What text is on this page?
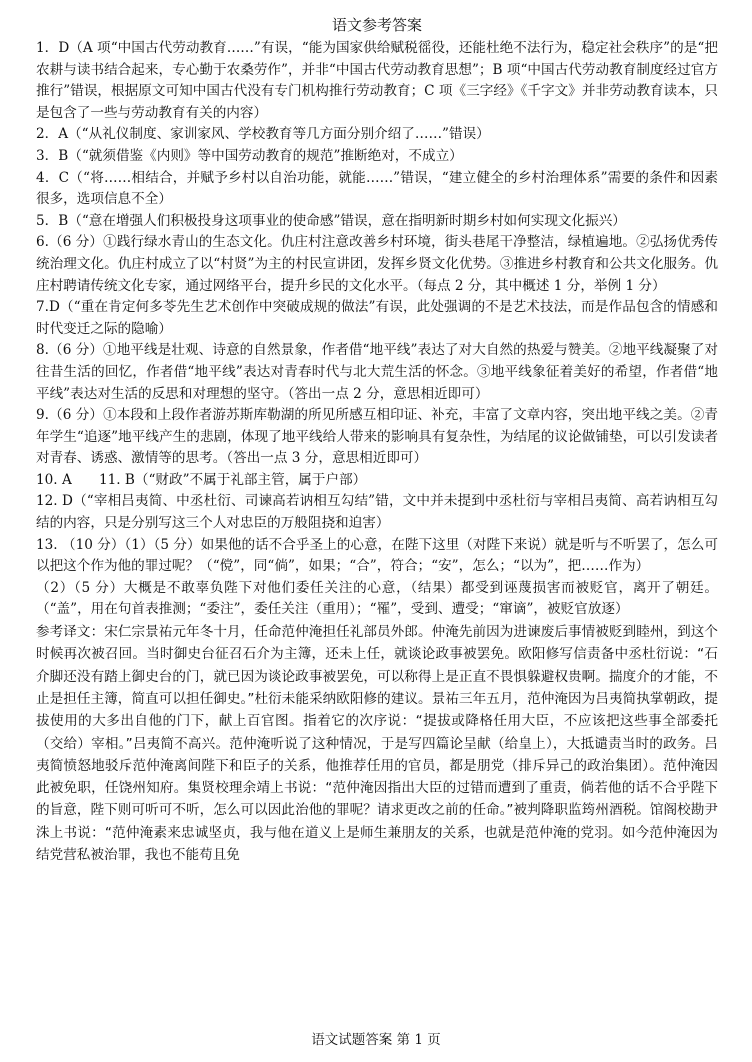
语文参考答案

1．D（A 项“中国古代劳动教育……”有误，“能为国家供给赋税徭役，还能杜绝不法行为，稳定社会秩序”的是“把农耕与读书结合起来，专心勤于农桑劳作”，并非“中国古代劳动教育思想”；B 项“中国古代劳动教育制度经过官方推行”错误，根据原文可知中国古代没有专门机构推行劳动教育；C 项《三字经》《千字文》并非劳动教育读本，只是包含了一些与劳动教育有关的内容）

2．A（“从礼仪制度、家训家风、学校教育等几方面分别介绍了……”错误）

3．B（“就须借鉴《内则》等中国劳动教育的规范”推断绝对，不成立）

4．C（“将……相结合，并赋予乡村以自治功能，就能……”错误，“建立健全的乡村治理体系”需要的条件和因素很多，选项信息不全）

5．B（“意在增强人们积极投身这项事业的使命感”错误，意在指明新时期乡村如何实现文化振兴）

6.（6 分）①践行绿水青山的生态文化。仇庄村注意改善乡村环境，街头巷尾干净整洁，绿植遍地。②弘扬优秀传统治理文化。仇庄村成立了以“村贤”为主的村民宣讲团，发挥乡贤文化优势。③推进乡村教育和公共文化服务。仇庄村聘请传统文化专家，通过网络平台，提升乡民的文化水平。（每点 2 分，其中概述 1 分，举例 1 分）

7.D（“重在肯定何多苓先生艺术创作中突破成规的做法”有误，此处强调的不是艺术技法，而是作品包含的情感和时代变迁之际的隐喻）

8.（6 分）①地平线是壮观、诗意的自然景象，作者借“地平线”表达了对大自然的热爱与赞美。②地平线凝聚了对往昔生活的回忆，作者借“地平线”表达对青春时代与北大荒生活的怀念。③地平线象征着美好的希望，作者借“地平线”表达对生活的反思和对理想的坚守。（答出一点 2 分，意思相近即可）

9.（6 分）①本段和上段作者游苏斯库勒湖的所见所感互相印证、补充，丰富了文章内容，突出地平线之美。②青年学生“追逐”地平线产生的悲剧，体现了地平线给人带来的影响具有复杂性，为结尾的议论做铺垫，可以引发读者对青春、诱惑、激情等的思考。（答出一点 3 分，意思相近即可）

10. A　　11. B（“财政”不属于礼部主管，属于户部）

12. D（“宰相吕夷简、中丞杜衍、司谏高若讷相互勾结”错，文中并未提到中丞杜衍与宰相吕夷简、高若讷相互勾结的内容，只是分别写这三个人对忠臣的万般阻挠和迫害）

13. （10 分）（1）（5 分）如果他的话不合乎圣上的心意，在陛下这里（对陛下来说）就是听与不听罢了，怎么可以把这个作为他的罪过呢？（“傥”，同“倘”，如果；“合”，符合；“安”，怎么；“以为”，把……作为）

（2）（5 分）大概是不敢辜负陛下对他们委任关注的心意，（结果）都受到诬蔑损害而被贬官，离开了朝廷。（“盖”，用在句首表推测；“委注”，委任关注（重用）；“罹”，受到、遭受；“窜谪”，被贬官放逐）

参考译文：宋仁宗景祐元年冬十月，任命范仲淹担任礼部员外郎。仲淹先前因为进谏废后事情被贬到睦州，到这个时候再次被召回。当时御史台征召石介为主簿，还未上任，就谈论政事被罢免。欧阳修写信责备中丞杜衍说：“石介脚还没有踏上御史台的门，就已因为谈论政事被罢免，可以称得上是正直不畏惧躲避权贵啊。揣度介的才能，不止是担任主簿，简直可以担任御史。”杜衍未能采纳欧阳修的建议。景祐三年五月，范仲淹因为吕夷简执掌朝政，提拔使用的大多出自他的门下，献上百官图。指着它的次序说：“提拔或降格任用大臣，不应该把这些事全部委托（交给）宰相。”吕夷简不高兴。范仲淹听说了这种情况，于是写四篇论呈献（给皇上），大抵谴责当时的政务。吕夷简愤怒地驳斥范仲淹离间陛下和臣子的关系，他推荐任用的官员，都是朋党（排斥异己的政治集团）。范仲淹因此被免职，任饶州知府。集贤校理余靖上书说：“范仲淹因指出大臣的过错而遭到了重责，倘若他的话不合乎陛下的旨意，陛下则可听可不听，怎么可以因此治他的罪呢？请求更改之前的任命。”被判降职监筠州酒税。馆阁校勘尹洙上书说：“范仲淹素来忠诚坚贞，我与他在道义上是师生兼朋友的关系，也就是范仲淹的党羽。如今范仲淹因为结党营私被治罪，我也不能苟且免

语文试题答案 第 1 页
